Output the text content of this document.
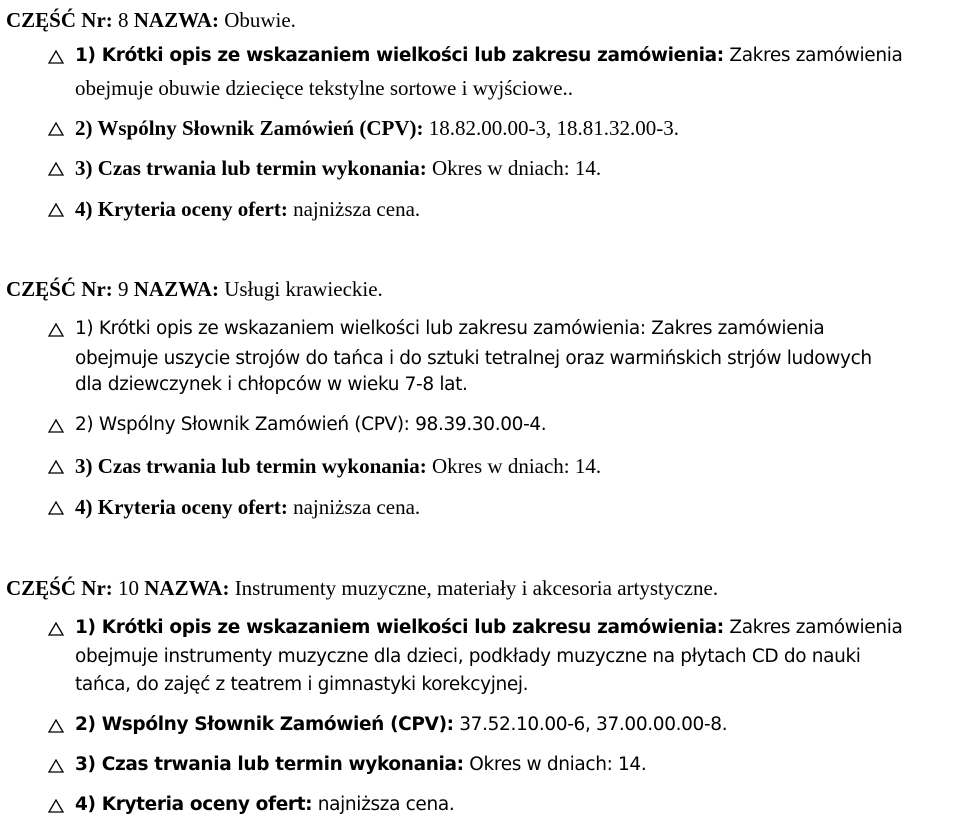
CZĘŚĆ Nr: 8 NAZWA: Obuwie.
1) Krótki opis ze wskazaniem wielkości lub zakresu zamówienia: Zakres zamówienia
obejmuje obuwie dziecięce tekstylne sortowe i wyjściowe..
2) Wspólny Słownik Zamówień (CPV): 18.82.00.00-3, 18.81.32.00-3.
3) Czas trwania lub termin wykonania: Okres w dniach: 14.
4) Kryteria oceny ofert: najniższa cena.
CZĘŚĆ Nr: 9 NAZWA: Usługi krawieckie.
1) Krótki opis ze wskazaniem wielkości lub zakresu zamówienia: Zakres zamówienia
obejmuje uszycie strojów do tańca i do sztuki tetralnej oraz warmińskich strjów ludowych
dla dziewczynek i chłopców w wieku 7-8 lat.
2) Wspólny Słownik Zamówień (CPV): 98.39.30.00-4.
3) Czas trwania lub termin wykonania: Okres w dniach: 14.
4) Kryteria oceny ofert: najniższa cena.
CZĘŚĆ Nr: 10 NAZWA: Instrumenty muzyczne, materiały i akcesoria artystyczne.
1) Krótki opis ze wskazaniem wielkości lub zakresu zamówienia: Zakres zamówienia
obejmuje instrumenty muzyczne dla dzieci, podkłady muzyczne na płytach CD do nauki
tańca, do zajęć z teatrem i gimnastyki korekcyjnej.
2) Wspólny Słownik Zamówień (CPV): 37.52.10.00-6, 37.00.00.00-8.
3) Czas trwania lub termin wykonania: Okres w dniach: 14.
4) Kryteria oceny ofert: najniższa cena.
